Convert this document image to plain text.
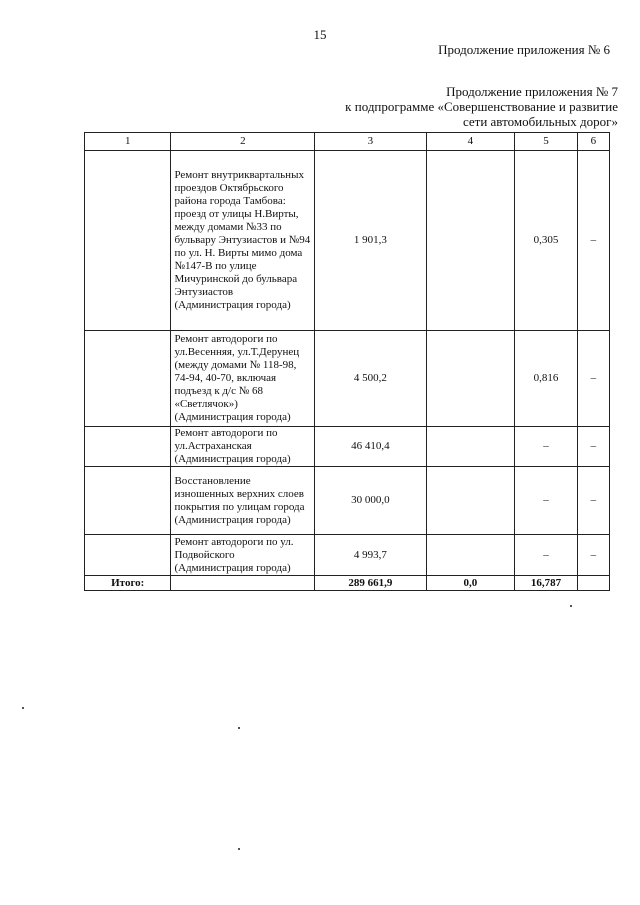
15
Продолжение приложения № 6
Продолжение приложения № 7
к подпрограмме «Совершенствование и развитие
сети автомобильных дорог»
1	2	3	4	5	6
	Ремонт внутриквартальных проездов Октябрьского района города Тамбова: проезд от улицы Н.Вирты, между домами №33 по бульвару Энтузиастов и №94 по ул. Н. Вирты мимо дома №147-В по улице Мичуринской до бульвара Энтузиастов (Администрация города)	1 901,3		0,305	–
	Ремонт автодороги по ул.Весенняя, ул.Т.Дерунец (между домами № 118-98, 74-94, 40-70, включая подъезд к д/с № 68 «Светлячок») (Администрация города)	4 500,2		0,816	–
	Ремонт автодороги по ул.Астраханская (Администрация города)	46 410,4		–	–
	Восстановление изношенных верхних слоев покрытия по улицам города (Администрация города)	30 000,0		–	–
	Ремонт автодороги по ул. Подвойского (Администрация города)	4 993,7		–	–
Итого:		289 661,9	0,0	16,787	
